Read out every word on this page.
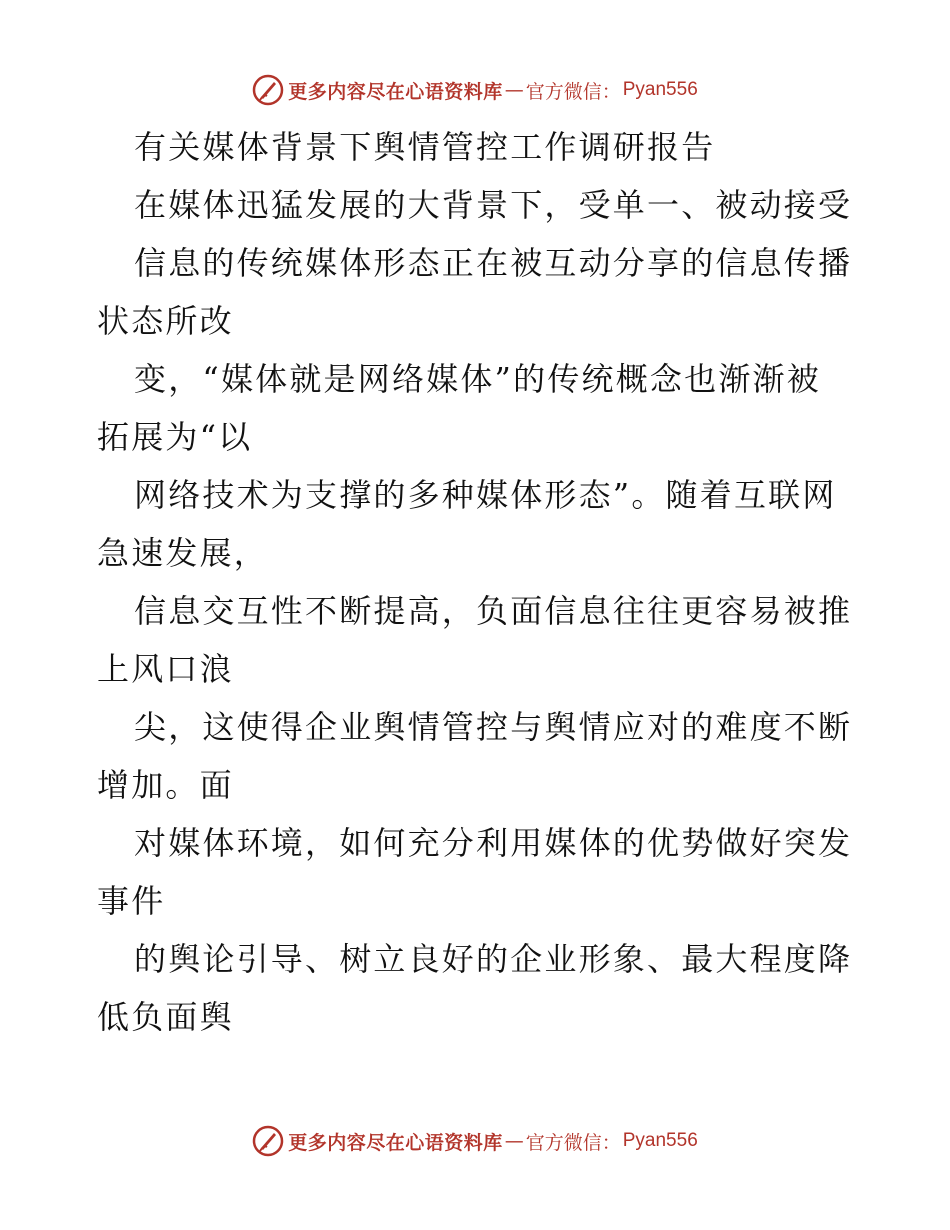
更多内容尽在心语资料库 — 官方微信： Pyan556
有关媒体背景下舆情管控工作调研报告
在媒体迅猛发展的大背景下，受单一、被动接受
信息的传统媒体形态正在被互动分享的信息传播
状态所改
变，“媒体就是网络媒体”的传统概念也渐渐被
拓展为“以
网络技术为支撑的多种媒体形态”。随着互联网
急速发展，
信息交互性不断提高，负面信息往往更容易被推
上风口浪
尖，这使得企业舆情管控与舆情应对的难度不断
增加。面
对媒体环境，如何充分利用媒体的优势做好突发
事件
的舆论引导、树立良好的企业形象、最大程度降
低负面舆
更多内容尽在心语资料库 — 官方微信： Pyan556
